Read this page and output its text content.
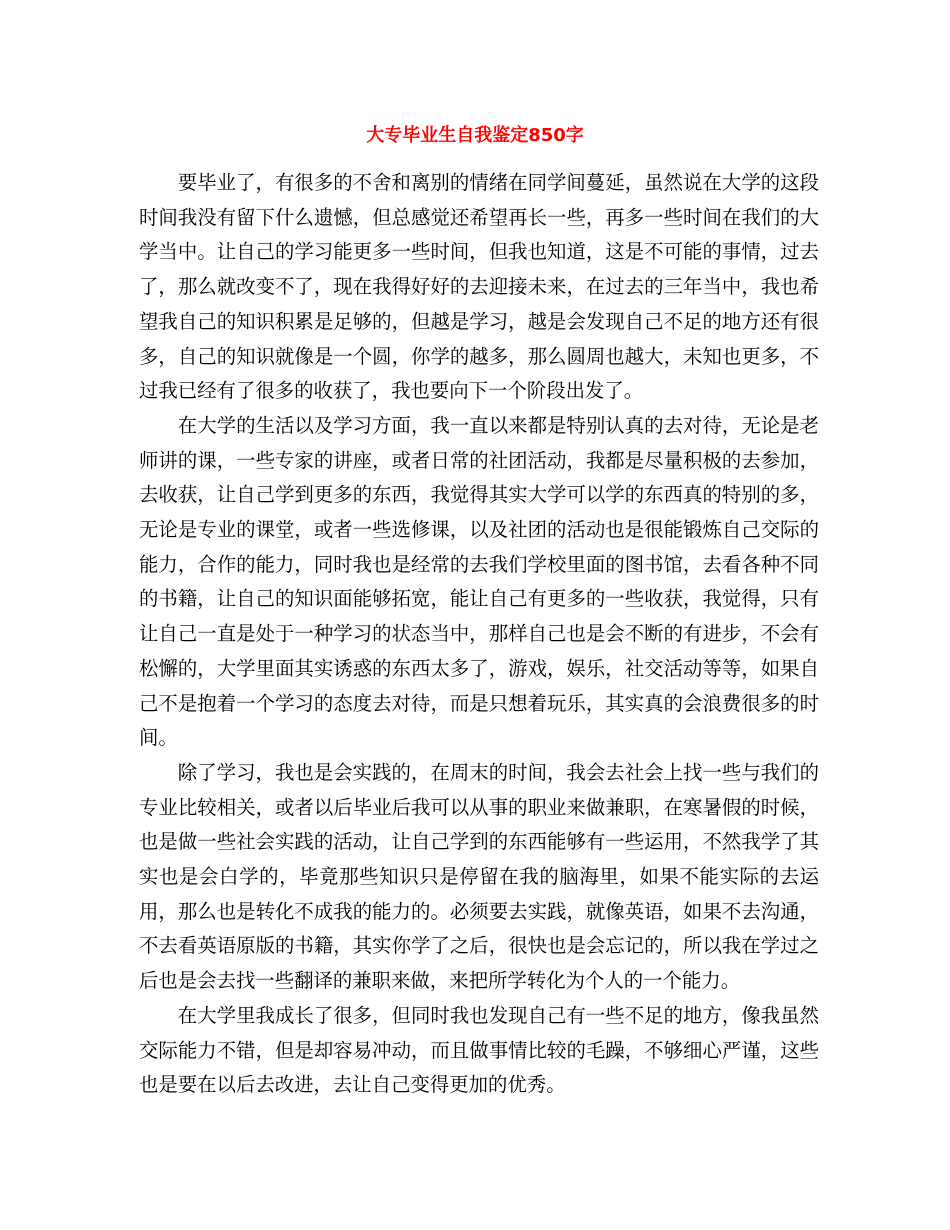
大专毕业生自我鉴定850字

要毕业了，有很多的不舍和离别的情绪在同学间蔓延，虽然说在大学的这段时间我没有留下什么遗憾，但总感觉还希望再长一些，再多一些时间在我们的大学当中。让自己的学习能更多一些时间，但我也知道，这是不可能的事情，过去了，那么就改变不了，现在我得好好的去迎接未来，在过去的三年当中，我也希望我自己的知识积累是足够的，但越是学习，越是会发现自己不足的地方还有很多，自己的知识就像是一个圆，你学的越多，那么圆周也越大，未知也更多，不过我已经有了很多的收获了，我也要向下一个阶段出发了。

在大学的生活以及学习方面，我一直以来都是特别认真的去对待，无论是老师讲的课，一些专家的讲座，或者日常的社团活动，我都是尽量积极的去参加，去收获，让自己学到更多的东西，我觉得其实大学可以学的东西真的特别的多，无论是专业的课堂，或者一些选修课，以及社团的活动也是很能锻炼自己交际的能力，合作的能力，同时我也是经常的去我们学校里面的图书馆，去看各种不同的书籍，让自己的知识面能够拓宽，能让自己有更多的一些收获，我觉得，只有让自己一直是处于一种学习的状态当中，那样自己也是会不断的有进步，不会有松懈的，大学里面其实诱惑的东西太多了，游戏，娱乐，社交活动等等，如果自己不是抱着一个学习的态度去对待，而是只想着玩乐，其实真的会浪费很多的时间。

除了学习，我也是会实践的，在周末的时间，我会去社会上找一些与我们的专业比较相关，或者以后毕业后我可以从事的职业来做兼职，在寒暑假的时候，也是做一些社会实践的活动，让自己学到的东西能够有一些运用，不然我学了其实也是会白学的，毕竟那些知识只是停留在我的脑海里，如果不能实际的去运用，那么也是转化不成我的能力的。必须要去实践，就像英语，如果不去沟通，不去看英语原版的书籍，其实你学了之后，很快也是会忘记的，所以我在学过之后也是会去找一些翻译的兼职来做，来把所学转化为个人的一个能力。

在大学里我成长了很多，但同时我也发现自己有一些不足的地方，像我虽然交际能力不错，但是却容易冲动，而且做事情比较的毛躁，不够细心严谨，这些也是要在以后去改进，去让自己变得更加的优秀。
